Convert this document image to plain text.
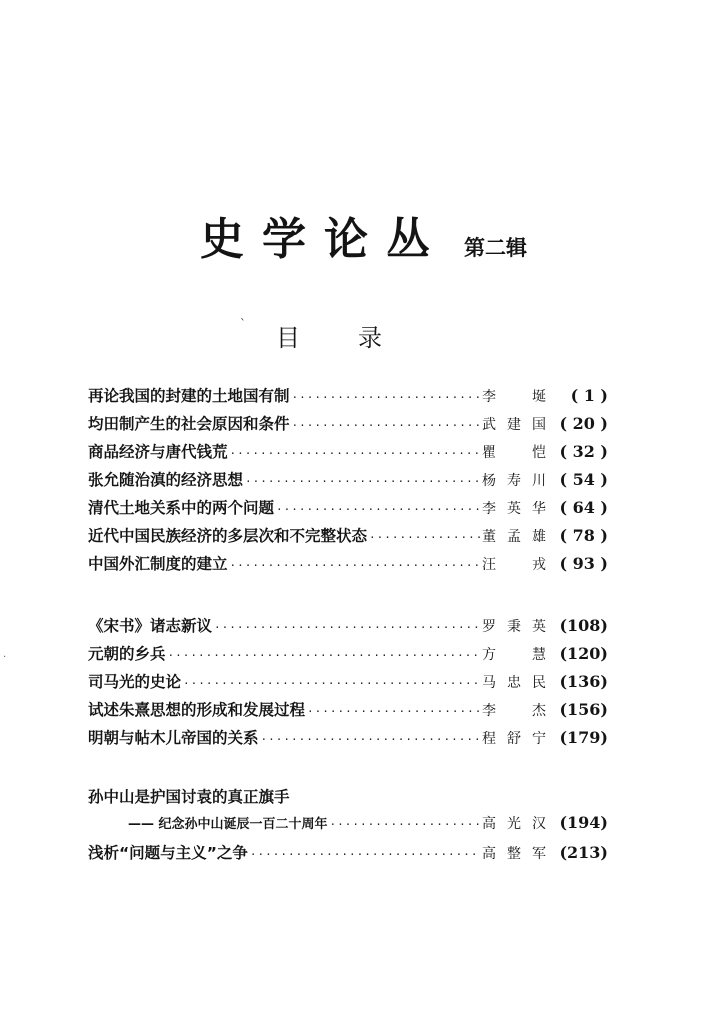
史学论丛 第二辑
ˋ 目录
·
再论我国的封建的土地国有制 ·····	李 埏	( 1 )
均田制产生的社会原因和条件 ·····	武建国 ( 20 )
商品经济与唐代钱荒 ·····	瞿 恺 ( 32 )
张允随治滇的经济思想 ·····	杨寿川 ( 54 )
清代土地关系中的两个问题 ·····	李英华 ( 64 )
近代中国民族经济的多层次和不完整状态 ·····	董孟雄 ( 78 )
中国外汇制度的建立 ·····	汪 戎 ( 93 )
《宋书》诸志新议 ·····	罗秉英 (108)
元朝的乡兵 ·····	方 慧 (120)
司马光的史论 ·····	马忠民 (136)
试述朱熹思想的形成和发展过程 ·····	李 杰 (156)
明朝与帖木儿帝国的关系 ·····	程舒宁 (179)
孙中山是护国讨袁的真正旗手
—— 纪念孙中山诞辰一百二十周年 ·····	高光汉 (194)
浅析“问题与主义”之争 ·····	高整军 (213)
